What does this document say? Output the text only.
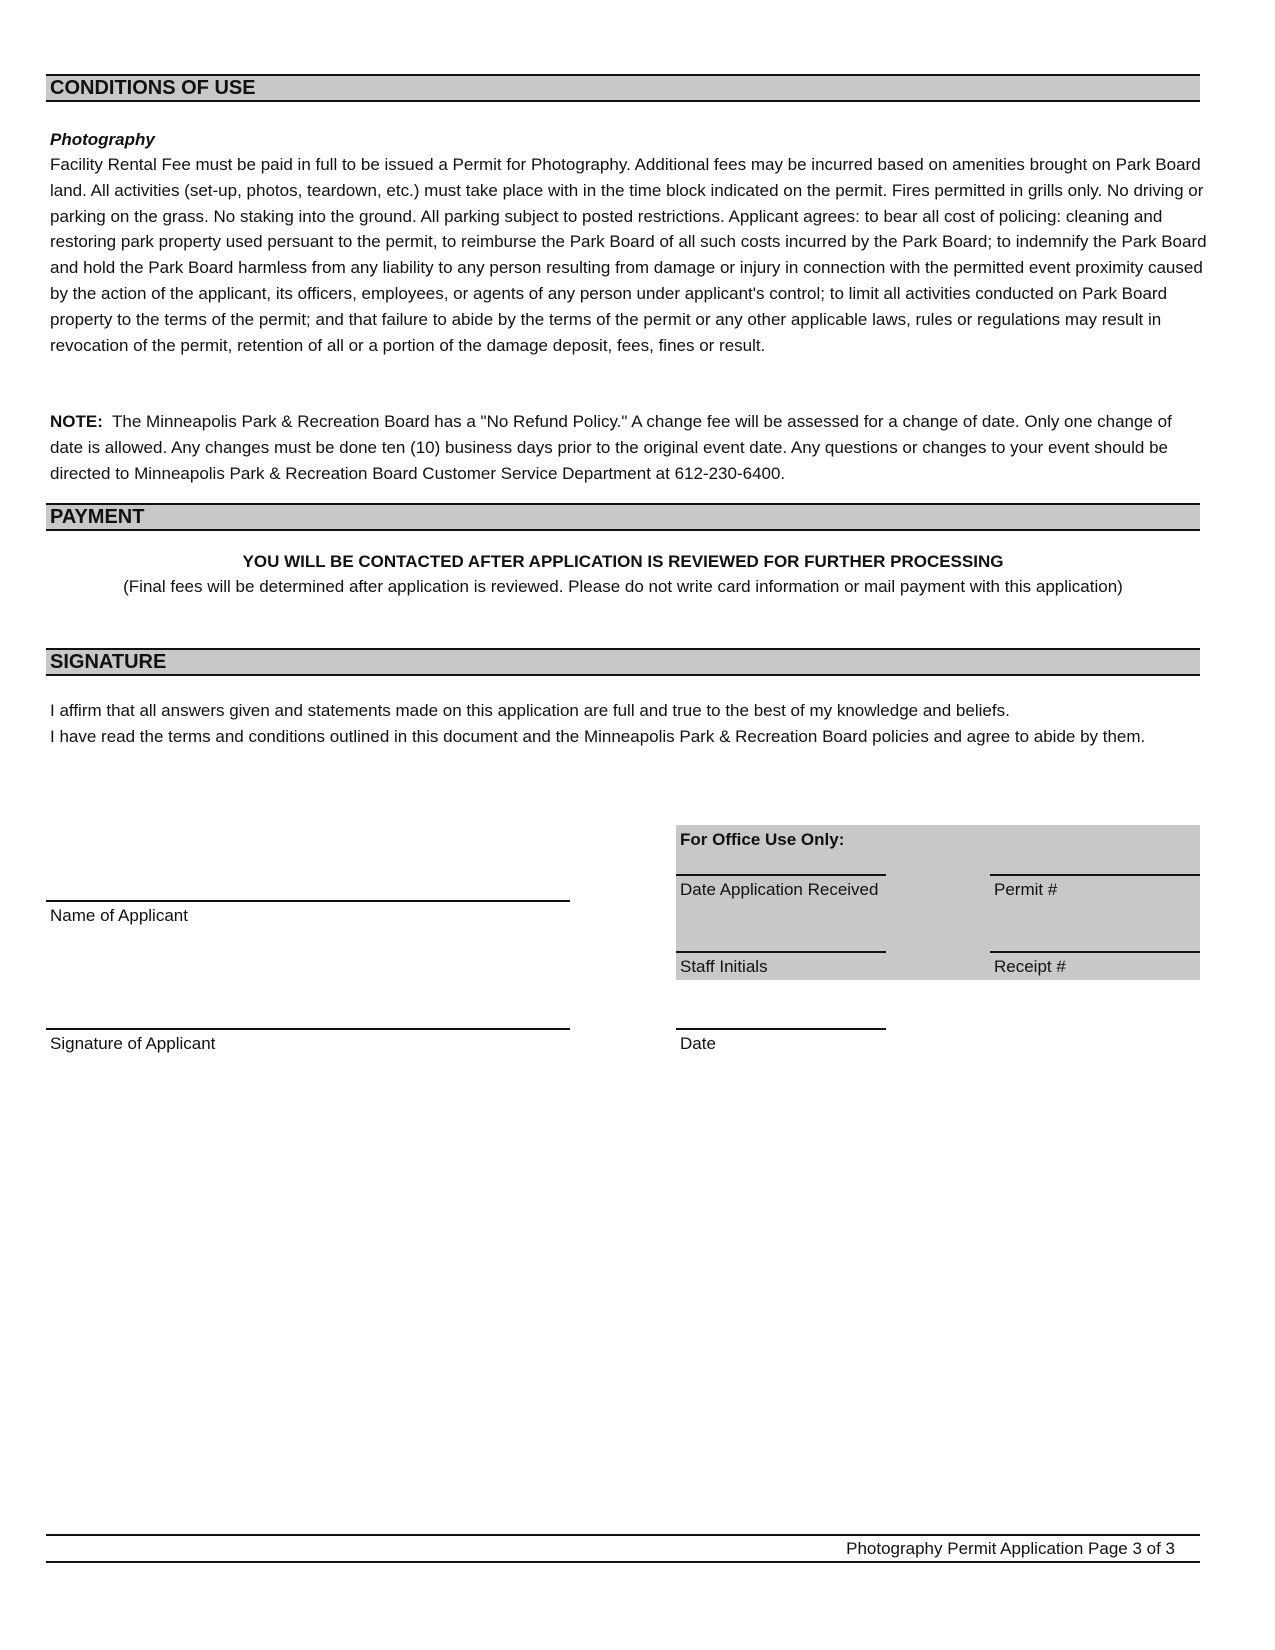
CONDITIONS OF USE
Photography
Facility Rental Fee must be paid in full to be issued a Permit for Photography. Additional fees may be incurred based on amenities brought on Park Board land. All activities (set-up, photos, teardown, etc.) must take place with in the time block indicated on the permit. Fires permitted in grills only. No driving or parking on the grass. No staking into the ground. All parking subject to posted restrictions. Applicant agrees: to bear all cost of policing: cleaning and restoring park property used persuant to the permit, to reimburse the Park Board of all such costs incurred by the Park Board; to indemnify the Park Board and hold the Park Board harmless from any liability to any person resulting from damage or injury in connection with the permitted event proximity caused by the action of the applicant, its officers, employees, or agents of any person under applicant's control; to limit all activities conducted on Park Board property to the terms of the permit; and that failure to abide by the terms of the permit or any other applicable laws, rules or regulations may result in revocation of the permit, retention of all or a portion of the damage deposit, fees, fines or result.
NOTE: The Minneapolis Park & Recreation Board has a "No Refund Policy." A change fee will be assessed for a change of date. Only one change of date is allowed. Any changes must be done ten (10) business days prior to the original event date. Any questions or changes to your event should be directed to Minneapolis Park & Recreation Board Customer Service Department at 612-230-6400.
PAYMENT
YOU WILL BE CONTACTED AFTER APPLICATION IS REVIEWED FOR FURTHER PROCESSING
(Final fees will be determined after application is reviewed. Please do not write card information or mail payment with this application)
SIGNATURE
I affirm that all answers given and statements made on this application are full and true to the best of my knowledge and beliefs.
I have read the terms and conditions outlined in this document and the Minneapolis Park & Recreation Board policies and agree to abide by them.
Name of Applicant
Signature of Applicant	Date
For Office Use Only:
Date Application Received	Permit #
Staff Initials	Receipt #
Photography Permit Application Page 3 of 3
